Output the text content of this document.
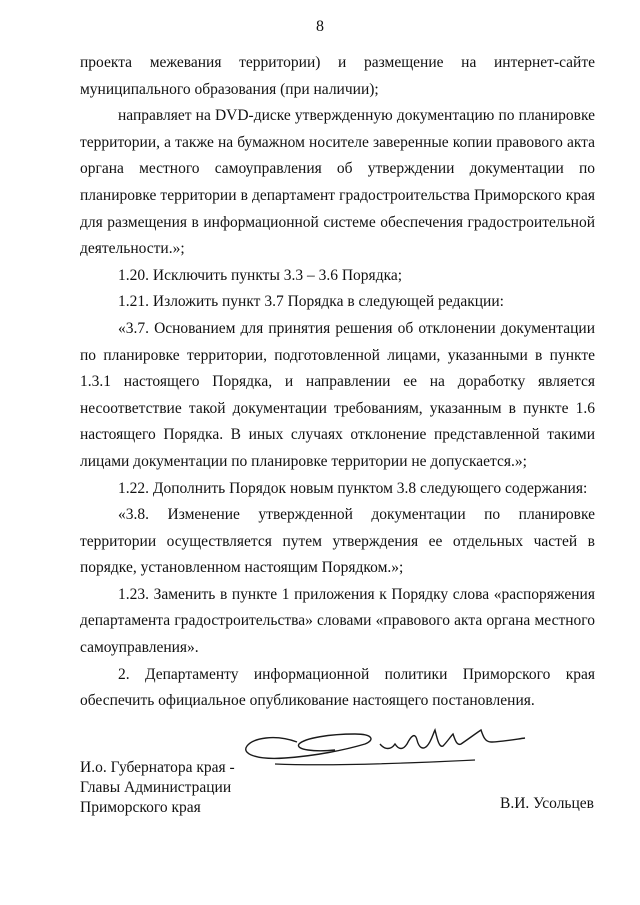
8

проекта межевания территории) и размещение на интернет-сайте муниципального образования (при наличии);

направляет на DVD-диске утвержденную документацию по планировке территории, а также на бумажном носителе заверенные копии правового акта органа местного самоуправления об утверждении документации по планировке территории в департамент градостроительства Приморского края для размещения в информационной системе обеспечения градостроительной деятельности.»;

1.20. Исключить пункты 3.3 – 3.6 Порядка;

1.21. Изложить пункт 3.7 Порядка в следующей редакции:

«3.7. Основанием для принятия решения об отклонении документации по планировке территории, подготовленной лицами, указанными в пункте 1.3.1 настоящего Порядка, и направлении ее на доработку является несоответствие такой документации требованиям, указанным в пункте 1.6 настоящего Порядка. В иных случаях отклонение представленной такими лицами документации по планировке территории не допускается.»;

1.22. Дополнить Порядок новым пунктом 3.8 следующего содержания:

«3.8. Изменение утвержденной документации по планировке территории осуществляется путем утверждения ее отдельных частей в порядке, установленном настоящим Порядком.»;

1.23. Заменить в пункте 1 приложения к Порядку слова «распоряжения департамента градостроительства» словами «правового акта органа местного самоуправления».

2. Департаменту информационной политики Приморского края обеспечить официальное опубликование настоящего постановления.

И.о. Губернатора края -
Главы Администрации
Приморского края	В.И. Усольцев
